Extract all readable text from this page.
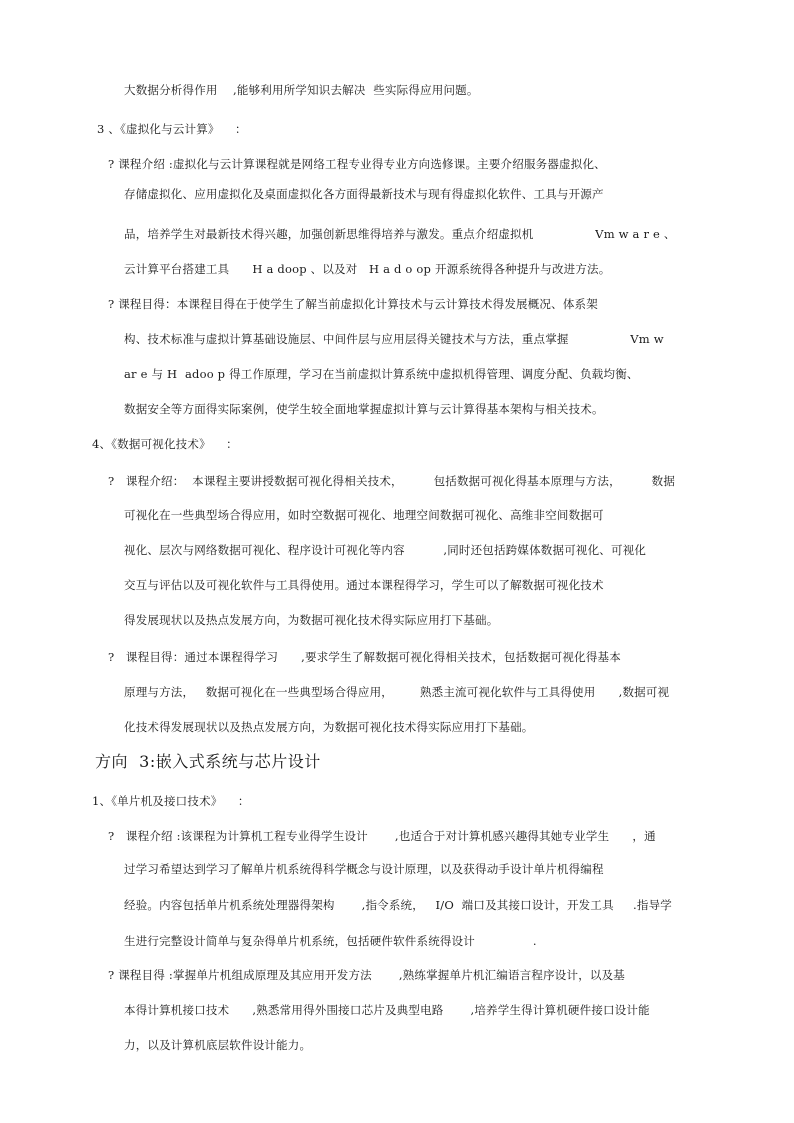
大数据分析得作用    ,能够利用所学知识去解决  些实际得应用问题。
3 、《虚拟化与云计算》    ：
? 课程介绍 :虚拟化与云计算课程就是网络工程专业得专业方向选修课。主要介绍服务器虚拟化、
存储虚拟化、应用虚拟化及桌面虚拟化各方面得最新技术与现有得虚拟化软件、工具与开源产
品，培养学生对最新技术得兴趣，加强创新思维得培养与激发。重点介绍虚拟机                Vm w a r e 、
云计算平台搭建工具      H a doop 、以及对   H a d o op 开源系统得各种提升与改进方法。
? 课程目得：本课程目得在于使学生了解当前虚拟化计算技术与云计算技术得发展概况、体系架
构、技术标准与虚拟计算基础设施层、中间件层与应用层得关键技术与方法，重点掌握                Vm w
ar e 与 H  adoo p 得工作原理，学习在当前虚拟计算系统中虚拟机得管理、调度分配、负载均衡、
数据安全等方面得实际案例，使学生较全面地掌握虚拟计算与云计算得基本架构与相关技术。
4、《数据可视化技术》    ：
?   课程介绍：  本课程主要讲授数据可视化得相关技术，        包括数据可视化得基本原理与方法，        数据
可视化在一些典型场合得应用，如时空数据可视化、地理空间数据可视化、高维非空间数据可
视化、层次与网络数据可视化、程序设计可视化等内容          ,同时还包括跨媒体数据可视化、可视化
交互与评估以及可视化软件与工具得使用。通过本课程得学习，学生可以了解数据可视化技术
得发展现状以及热点发展方向，为数据可视化技术得实际应用打下基础。
?   课程目得：通过本课程得学习      ,要求学生了解数据可视化得相关技术，包括数据可视化得基本
原理与方法，   数据可视化在一些典型场合得应用，       熟悉主流可视化软件与工具得使用      ,数据可视
化技术得发展现状以及热点发展方向，为数据可视化技术得实际应用打下基础。
方向  3:嵌入式系统与芯片设计
1、《单片机及接口技术》    ：
?   课程介绍 :该课程为计算机工程专业得学生设计       ,也适合于对计算机感兴趣得其她专业学生      ，通
过学习希望达到学习了解单片机系统得科学概念与设计原理，以及获得动手设计单片机得编程
经验。内容包括单片机系统处理器得架构       ,指令系统，   I/O  端口及其接口设计，开发工具     .指导学
生进行完整设计简单与复杂得单片机系统，包括硬件软件系统得设计               .
? 课程目得 :掌握单片机组成原理及其应用开发方法       ,熟练掌握单片机汇编语言程序设计，以及基
本得计算机接口技术      ,熟悉常用得外围接口芯片及典型电路       ,培养学生得计算机硬件接口设计能
力，以及计算机底层软件设计能力。
